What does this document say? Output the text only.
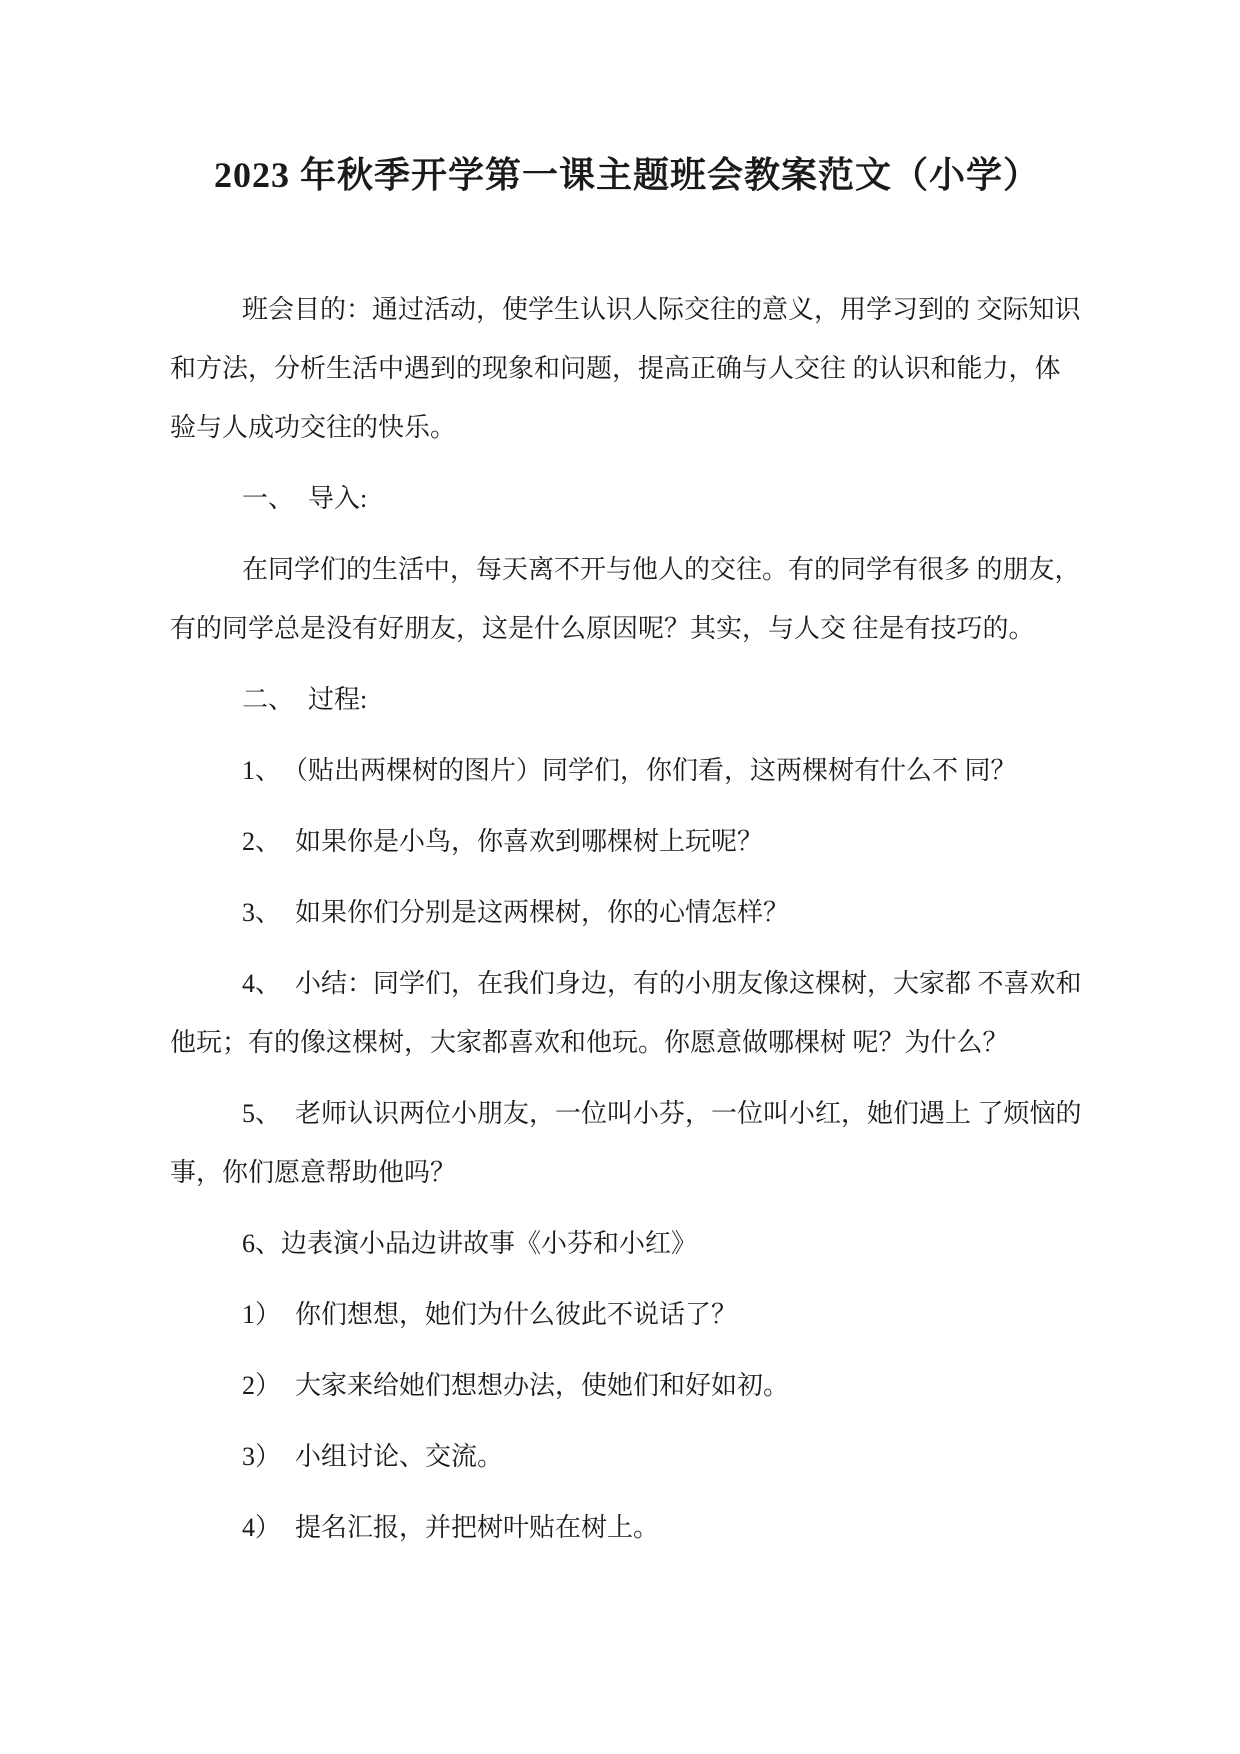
2023 年秋季开学第一课主题班会教案范文（小学）

班会目的：通过活动，使学生认识人际交往的意义，用学习到的 交际知识和方法，分析生活中遇到的现象和问题，提高正确与人交往 的认识和能力，体验与人成功交往的快乐。

一、 导入:

在同学们的生活中，每天离不开与他人的交往。有的同学有很多 的朋友，有的同学总是没有好朋友，这是什么原因呢？其实，与人交 往是有技巧的。

二、 过程:

1、 （贴出两棵树的图片）同学们，你们看，这两棵树有什么不 同？

2、 如果你是小鸟，你喜欢到哪棵树上玩呢？

3、 如果你们分别是这两棵树，你的心情怎样？

4、 小结：同学们，在我们身边，有的小朋友像这棵树，大家都 不喜欢和他玩；有的像这棵树，大家都喜欢和他玩。你愿意做哪棵树 呢？为什么？

5、 老师认识两位小朋友，一位叫小芬，一位叫小红，她们遇上 了烦恼的事，你们愿意帮助他吗？

6、边表演小品边讲故事《小芬和小红》

1） 你们想想，她们为什么彼此不说话了？

2） 大家来给她们想想办法，使她们和好如初。

3） 小组讨论、交流。

4） 提名汇报，并把树叶贴在树上。
